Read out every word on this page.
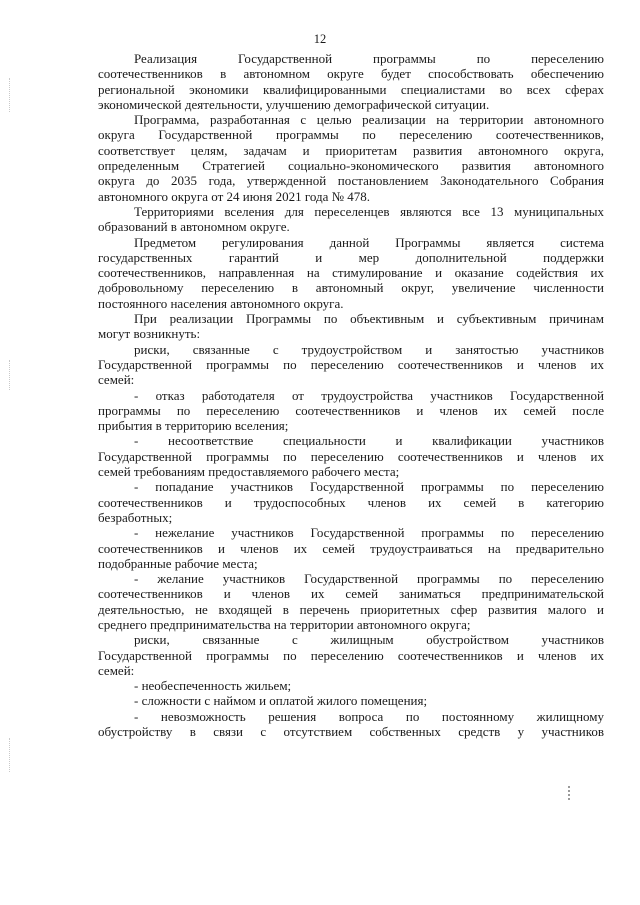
12
Реализация Государственной программы по переселению
соотечественников в автономном округе будет способствовать обеспечению
региональной экономики квалифицированными специалистами во всех сферах
экономической деятельности, улучшению демографической ситуации.
Программа, разработанная с целью реализации на территории автономного
округа Государственной программы по переселению соотечественников,
соответствует целям, задачам и приоритетам развития автономного округа,
определенным Стратегией социально-экономического развития автономного
округа до 2035 года, утвержденной постановлением Законодательного Собрания
автономного округа от 24 июня 2021 года № 478.
Территориями вселения для переселенцев являются все 13 муниципальных
образований в автономном округе.
Предметом регулирования данной Программы является система
государственных гарантий и мер дополнительной поддержки
соотечественников, направленная на стимулирование и оказание содействия их
добровольному переселению в автономный округ, увеличение численности
постоянного населения автономного округа.
При реализации Программы по объективным и субъективным причинам
могут возникнуть:
риски, связанные с трудоустройством и занятостью участников
Государственной программы по переселению соотечественников и членов их
семей:
- отказ работодателя от трудоустройства участников Государственной
программы по переселению соотечественников и членов их семей после
прибытия в территорию вселения;
- несоответствие специальности и квалификации участников
Государственной программы по переселению соотечественников и членов их
семей требованиям предоставляемого рабочего места;
- попадание участников Государственной программы по переселению
соотечественников и трудоспособных членов их семей в категорию
безработных;
- нежелание участников Государственной программы по переселению
соотечественников и членов их семей трудоустраиваться на предварительно
подобранные рабочие места;
- желание участников Государственной программы по переселению
соотечественников и членов их семей заниматься предпринимательской
деятельностью, не входящей в перечень приоритетных сфер развития малого и
среднего предпринимательства на территории автономного округа;
риски, связанные с жилищным обустройством участников
Государственной программы по переселению соотечественников и членов их
семей:
- необеспеченность жильем;
- сложности с наймом и оплатой жилого помещения;
- невозможность решения вопроса по постоянному жилищному
обустройству в связи с отсутствием собственных средств у участников
